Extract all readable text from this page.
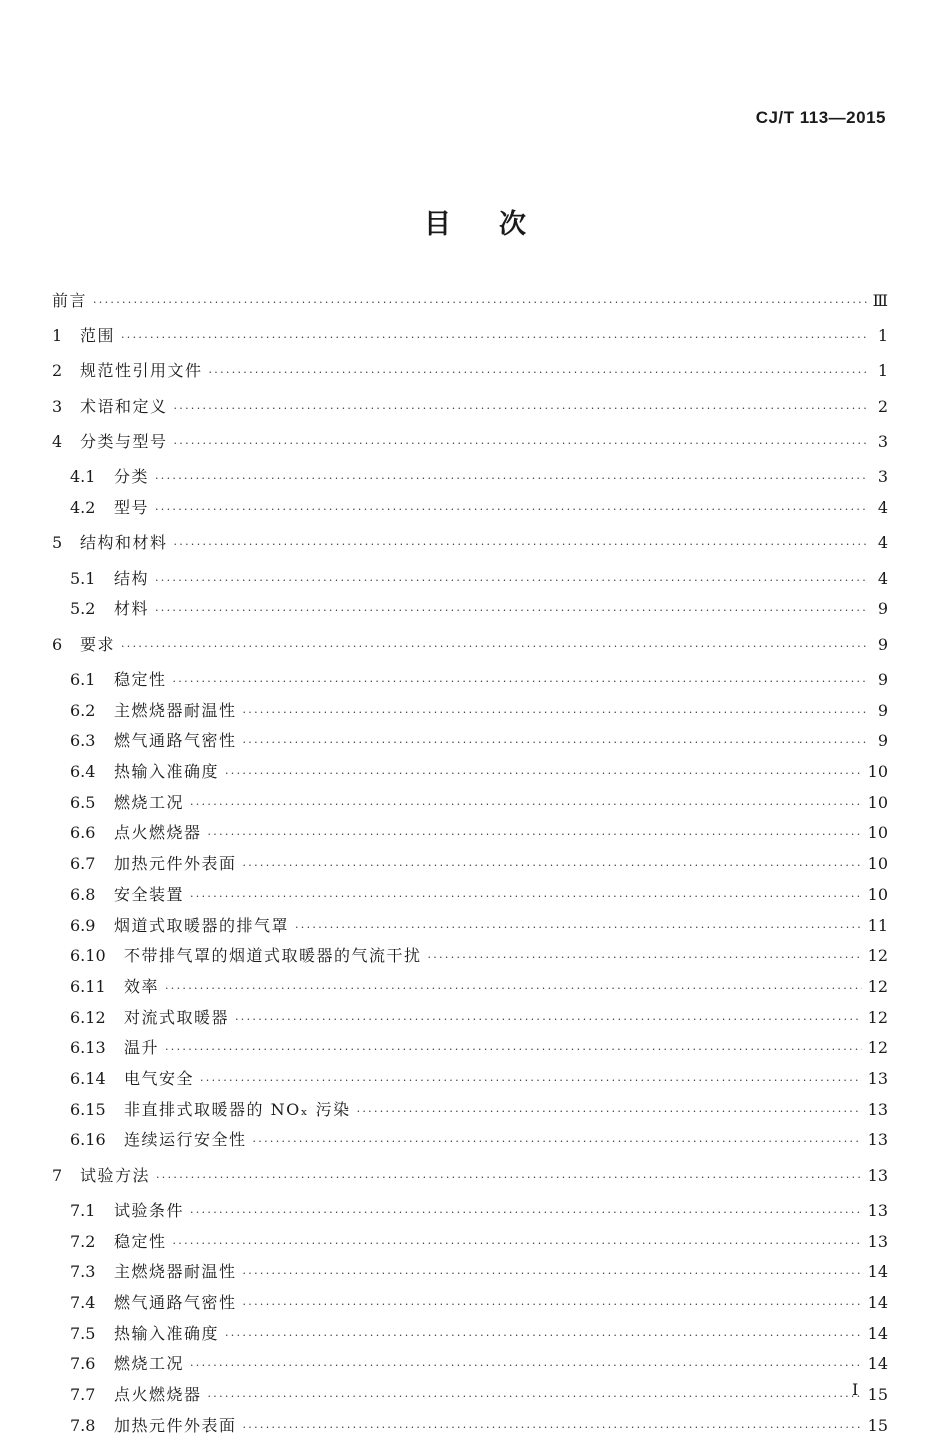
CJ/T 113—2015
目次
前言 ·····	Ⅲ
1	范围 ·····	1
2	规范性引用文件 ·····	1
3	术语和定义 ·····	2
4	分类与型号 ·····	3
4.1	分类 ·····	3
4.2	型号 ·····	4
5	结构和材料 ·····	4
5.1	结构 ·····	4
5.2	材料 ·····	9
6	要求 ·····	9
6.1	稳定性 ·····	9
6.2	主燃烧器耐温性 ·····	9
6.3	燃气通路气密性 ·····	9
6.4	热输入准确度 ·····	10
6.5	燃烧工况 ·····	10
6.6	点火燃烧器 ·····	10
6.7	加热元件外表面 ·····	10
6.8	安全装置 ·····	10
6.9	烟道式取暖器的排气罩 ·····	11
6.10	不带排气罩的烟道式取暖器的气流干扰 ·····	12
6.11	效率 ·····	12
6.12	对流式取暖器 ·····	12
6.13	温升 ·····	12
6.14	电气安全 ·····	13
6.15	非直排式取暖器的 NOₓ 污染 ·····	13
6.16	连续运行安全性 ·····	13
7	试验方法 ·····	13
7.1	试验条件 ·····	13
7.2	稳定性 ·····	13
7.3	主燃烧器耐温性 ·····	14
7.4	燃气通路气密性 ·····	14
7.5	热输入准确度 ·····	14
7.6	燃烧工况 ·····	14
7.7	点火燃烧器 ·····	15
7.8	加热元件外表面 ·····	15
I
